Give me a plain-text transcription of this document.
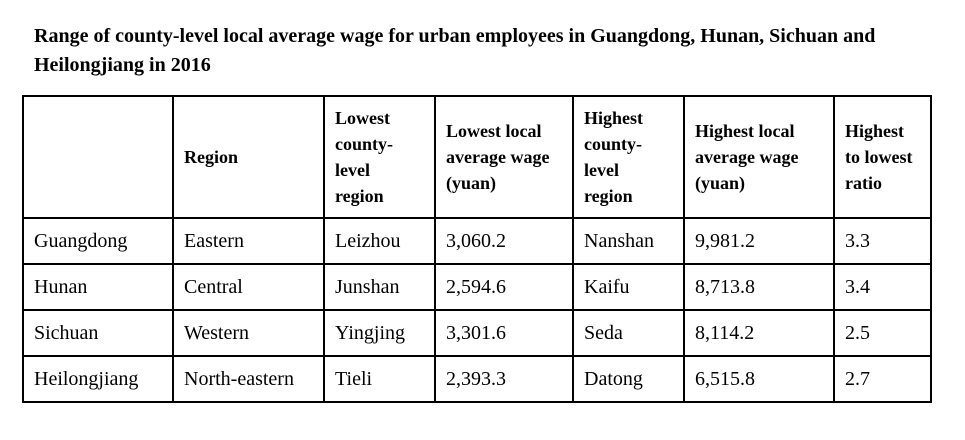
Range of county-level local average wage for urban employees in Guangdong, Hunan, Sichuan and Heilongjiang in 2016

	Region	Lowest county-level region	Lowest local average wage (yuan)	Highest county-level region	Highest local average wage (yuan)	Highest to lowest ratio

Guangdong	Eastern	Leizhou	3,060.2	Nanshan	9,981.2	3.3
Hunan	Central	Junshan	2,594.6	Kaifu	8,713.8	3.4
Sichuan	Western	Yingjing	3,301.6	Seda	8,114.2	2.5
Heilongjiang	North-eastern	Tieli	2,393.3	Datong	6,515.8	2.7
